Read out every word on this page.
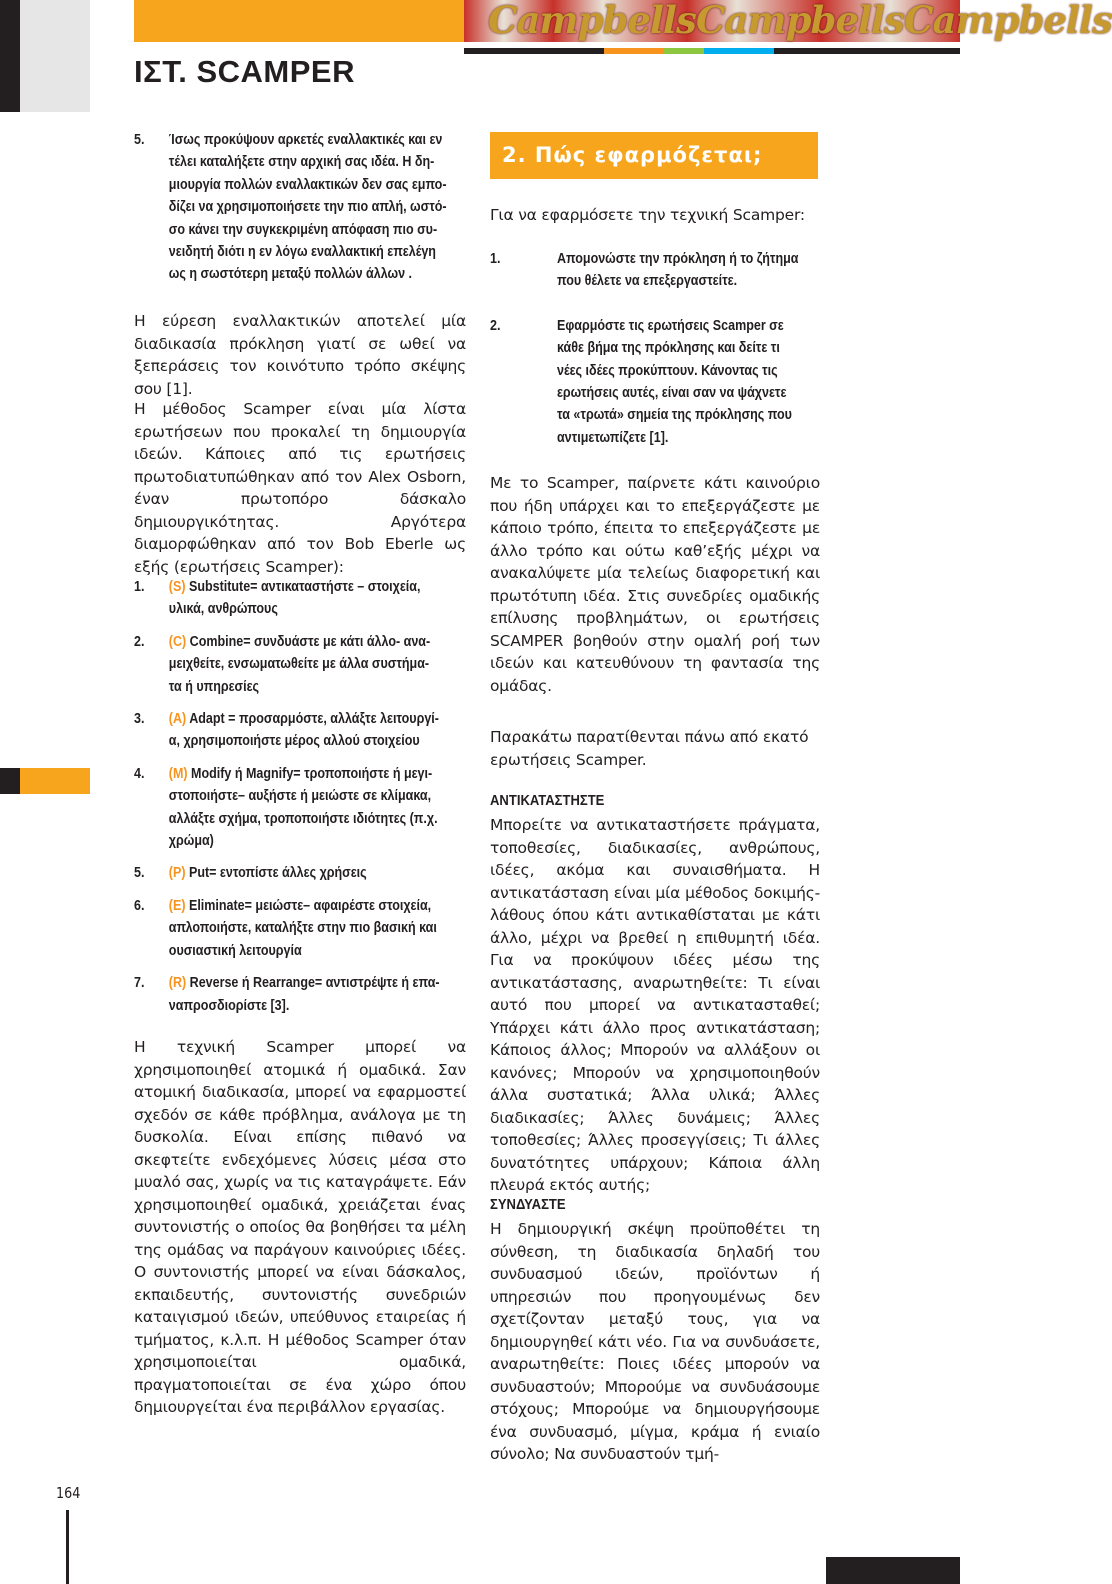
Campbells Campbells Campbells
ΙΣΤ. SCAMPER
5. Ίσως προκύψουν αρκετές εναλλακτικές και εν
τέλει καταλήξετε στην αρχική σας ιδέα. Η δη-
μιουργία πολλών εναλλακτικών δεν σας εμπο-
δίζει να χρησιμοποιήσετε την πιο απλή, ωστό-
σο κάνει την συγκεκριμένη απόφαση πιο συ-
νειδητή διότι η εν λόγω εναλλακτική επελέγη
ως η σωστότερη μεταξύ πολλών άλλων .

Η εύρεση εναλλακτικών αποτελεί μία διαδικασία πρόκληση γιατί σε ωθεί να ξεπεράσεις τον κοινότυπο τρόπο σκέψης σου [1].

Η μέθοδος Scamper είναι μία λίστα ερωτήσεων που προκαλεί τη δημιουργία ιδεών. Κάποιες από τις ερωτήσεις πρωτοδιατυπώθηκαν από τον Alex Osborn, έναν πρωτοπόρο δάσκαλο δημιουργικότητας. Αργότερα διαμορφώθηκαν από τον Bob Eberle ως εξής (ερωτήσεις Scamper):

1. (S) Substitute= αντικαταστήστε – στοιχεία,
υλικά, ανθρώπους
2. (C) Combine= συνδυάστε με κάτι άλλο- ανα-
μειχθείτε, ενσωματωθείτε με άλλα συστήμα-
τα ή υπηρεσίες
3. (A) Adapt = προσαρμόστε, αλλάξτε λειτουργί-
α, χρησιμοποιήστε μέρος αλλού στοιχείου
4. (M) Modify ή Magnify= τροποποιήστε ή μεγι-
στοποιήστε– αυξήστε ή μειώστε σε κλίμακα,
αλλάξτε σχήμα, τροποποιήστε ιδιότητες (π.χ.
χρώμα)
5. (P) Put= εντοπίστε άλλες χρήσεις
6. (E) Eliminate= μειώστε– αφαιρέστε στοιχεία,
απλοποιήστε, καταλήξτε στην πιο βασική και
ουσιαστική λειτουργία
7. (R) Reverse ή Rearrange= αντιστρέψτε ή επα-
ναπροσδιορίστε [3].

Η τεχνική Scamper μπορεί να χρησιμοποιηθεί ατομικά ή ομαδικά. Σαν ατομική διαδικασία, μπορεί να εφαρμοστεί σχεδόν σε κάθε πρόβλημα, ανάλογα με τη δυσκολία. Είναι επίσης πιθανό να σκεφτείτε ενδεχόμενες λύσεις μέσα στο μυαλό σας, χωρίς να τις καταγράψετε. Εάν χρησιμοποιηθεί ομαδικά, χρειάζεται ένας συντονιστής ο οποίος θα βοηθήσει τα μέλη της ομάδας να παράγουν καινούριες ιδέες. Ο συντονιστής μπορεί να είναι δάσκαλος, εκπαιδευτής, συντονιστής συνεδριών καταιγισμού ιδεών, υπεύθυνος εταιρείας ή τμήματος, κ.λ.π. Η μέθοδος Scamper όταν χρησιμοποιείται ομαδικά, πραγματοποιείται σε ένα χώρο όπου δημιουργείται ένα περιβάλλον εργασίας.

2. Πώς εφαρμόζεται;

Για να εφαρμόσετε την τεχνική Scamper:

1.	Απομονώστε την πρόκληση ή το ζήτημα
που θέλετε να επεξεργαστείτε.
2.	Εφαρμόστε τις ερωτήσεις Scamper σε
κάθε βήμα της πρόκλησης και δείτε τι
νέες ιδέες προκύπτουν. Κάνοντας τις
ερωτήσεις αυτές, είναι σαν να ψάχνετε
τα «τρωτά» σημεία της πρόκλησης που
αντιμετωπίζετε [1].

Με το Scamper, παίρνετε κάτι καινούριο που ήδη υπάρχει και το επεξεργάζεστε με κάποιο τρόπο, έπειτα το επεξεργάζεστε με άλλο τρόπο και ούτω καθ’εξής μέχρι να ανακαλύψετε μία τελείως διαφορετική και πρωτότυπη ιδέα. Στις συνεδρίες ομαδικής επίλυσης προβλημάτων, οι ερωτήσεις SCAMPER βοηθούν στην ομαλή ροή των ιδεών και κατευθύνουν τη φαντασία της ομάδας.

Παρακάτω παρατίθενται πάνω από εκατό ερωτήσεις Scamper.

ΑΝΤΙΚΑΤΑΣΤΗΣΤΕ

Μπορείτε να αντικαταστήσετε πράγματα, τοποθεσίες, διαδικασίες, ανθρώπους, ιδέες, ακόμα και συναισθήματα. Η αντικατάσταση είναι μία μέθοδος δοκιμής- λάθους όπου κάτι αντικαθίσταται με κάτι άλλο, μέχρι να βρεθεί η επιθυμητή ιδέα. Για να προκύψουν ιδέες μέσω της αντικατάστασης, αναρωτηθείτε: Τι είναι αυτό που μπορεί να αντικατασταθεί; Υπάρχει κάτι άλλο προς αντικατάσταση; Κάποιος άλλος; Μπορούν να αλλάξουν οι κανόνες; Μπορούν να χρησιμοποιηθούν άλλα συστατικά; Άλλα υλικά; Άλλες διαδικασίες; Άλλες δυνάμεις; Άλλες τοποθεσίες; Άλλες προσεγγίσεις; Τι άλλες δυνατότητες υπάρχουν; Κάποια άλλη πλευρά εκτός αυτής;

ΣΥΝΔΥΑΣΤΕ

Η δημιουργική σκέψη προϋποθέτει τη σύνθεση, τη διαδικασία δηλαδή του συνδυασμού ιδεών, προϊόντων ή υπηρεσιών που προηγουμένως δεν σχετίζονταν μεταξύ τους, για να δημιουργηθεί κάτι νέο. Για να συνδυάσετε, αναρωτηθείτε: Ποιες ιδέες μπορούν να συνδυαστούν; Μπορούμε να συνδυάσουμε στόχους; Μπορούμε να δημιουργήσουμε ένα συνδυασμό, μίγμα, κράμα ή ενιαίο σύνολο; Να συνδυαστούν τμή-

164
